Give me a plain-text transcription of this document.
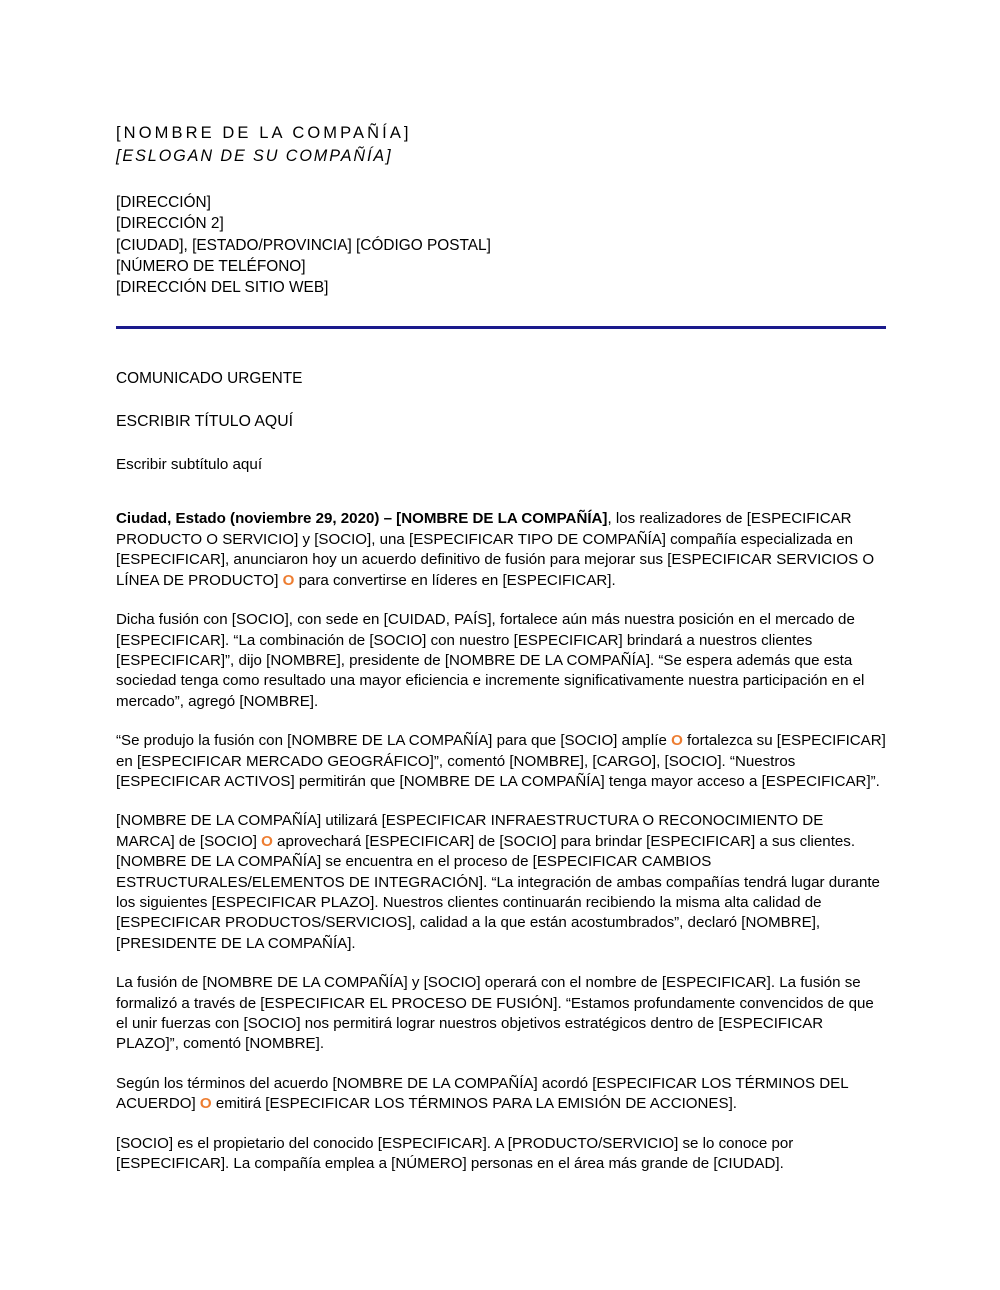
[NOMBRE DE LA COMPAÑÍA]
[ESLOGAN DE SU COMPAÑÍA]
[DIRECCIÓN]
[DIRECCIÓN 2]
[CIUDAD], [ESTADO/PROVINCIA] [CÓDIGO POSTAL]
[NÚMERO DE TELÉFONO]
[DIRECCIÓN DEL SITIO WEB]
COMUNICADO URGENTE
ESCRIBIR TÍTULO AQUÍ
Escribir subtítulo aquí

Ciudad, Estado (noviembre 29, 2020) – [NOMBRE DE LA COMPAÑÍA], los realizadores de [ESPECIFICAR PRODUCTO O SERVICIO] y [SOCIO], una [ESPECIFICAR TIPO DE COMPAÑÍA] compañía especializada en [ESPECIFICAR], anunciaron hoy un acuerdo definitivo de fusión para mejorar sus [ESPECIFICAR SERVICIOS O LÍNEA DE PRODUCTO] O para convertirse en líderes en [ESPECIFICAR].

Dicha fusión con [SOCIO], con sede en [CUIDAD, PAÍS], fortalece aún más nuestra posición en el mercado de [ESPECIFICAR]. “La combinación de [SOCIO] con nuestro [ESPECIFICAR] brindará a nuestros clientes [ESPECIFICAR]”, dijo [NOMBRE], presidente de [NOMBRE DE LA COMPAÑÍA]. “Se espera además que esta sociedad tenga como resultado una mayor eficiencia e incremente significativamente nuestra participación en el mercado”, agregó [NOMBRE].

“Se produjo la fusión con [NOMBRE DE LA COMPAÑÍA] para que [SOCIO] amplíe O fortalezca su [ESPECIFICAR] en [ESPECIFICAR MERCADO GEOGRÁFICO]”, comentó [NOMBRE], [CARGO], [SOCIO]. “Nuestros [ESPECIFICAR ACTIVOS] permitirán que [NOMBRE DE LA COMPAÑÍA] tenga mayor acceso a [ESPECIFICAR]”.

[NOMBRE DE LA COMPAÑÍA] utilizará [ESPECIFICAR INFRAESTRUCTURA O RECONOCIMIENTO DE MARCA] de [SOCIO] O aprovechará [ESPECIFICAR] de [SOCIO] para brindar [ESPECIFICAR] a sus clientes. [NOMBRE DE LA COMPAÑÍA] se encuentra en el proceso de [ESPECIFICAR CAMBIOS ESTRUCTURALES/ELEMENTOS DE INTEGRACIÓN]. “La integración de ambas compañías tendrá lugar durante los siguientes [ESPECIFICAR PLAZO]. Nuestros clientes continuarán recibiendo la misma alta calidad de [ESPECIFICAR PRODUCTOS/SERVICIOS], calidad a la que están acostumbrados”, declaró [NOMBRE], [PRESIDENTE DE LA COMPAÑÍA].

La fusión de [NOMBRE DE LA COMPAÑÍA] y [SOCIO] operará con el nombre de [ESPECIFICAR]. La fusión se formalizó a través de [ESPECIFICAR EL PROCESO DE FUSIÓN]. “Estamos profundamente convencidos de que el unir fuerzas con [SOCIO] nos permitirá lograr nuestros objetivos estratégicos dentro de [ESPECIFICAR PLAZO]”, comentó [NOMBRE].

Según los términos del acuerdo [NOMBRE DE LA COMPAÑÍA] acordó [ESPECIFICAR LOS TÉRMINOS DEL ACUERDO] O emitirá [ESPECIFICAR LOS TÉRMINOS PARA LA EMISIÓN DE ACCIONES].

[SOCIO] es el propietario del conocido [ESPECIFICAR]. A [PRODUCTO/SERVICIO] se lo conoce por [ESPECIFICAR]. La compañía emplea a [NÚMERO] personas en el área más grande de [CIUDAD].
